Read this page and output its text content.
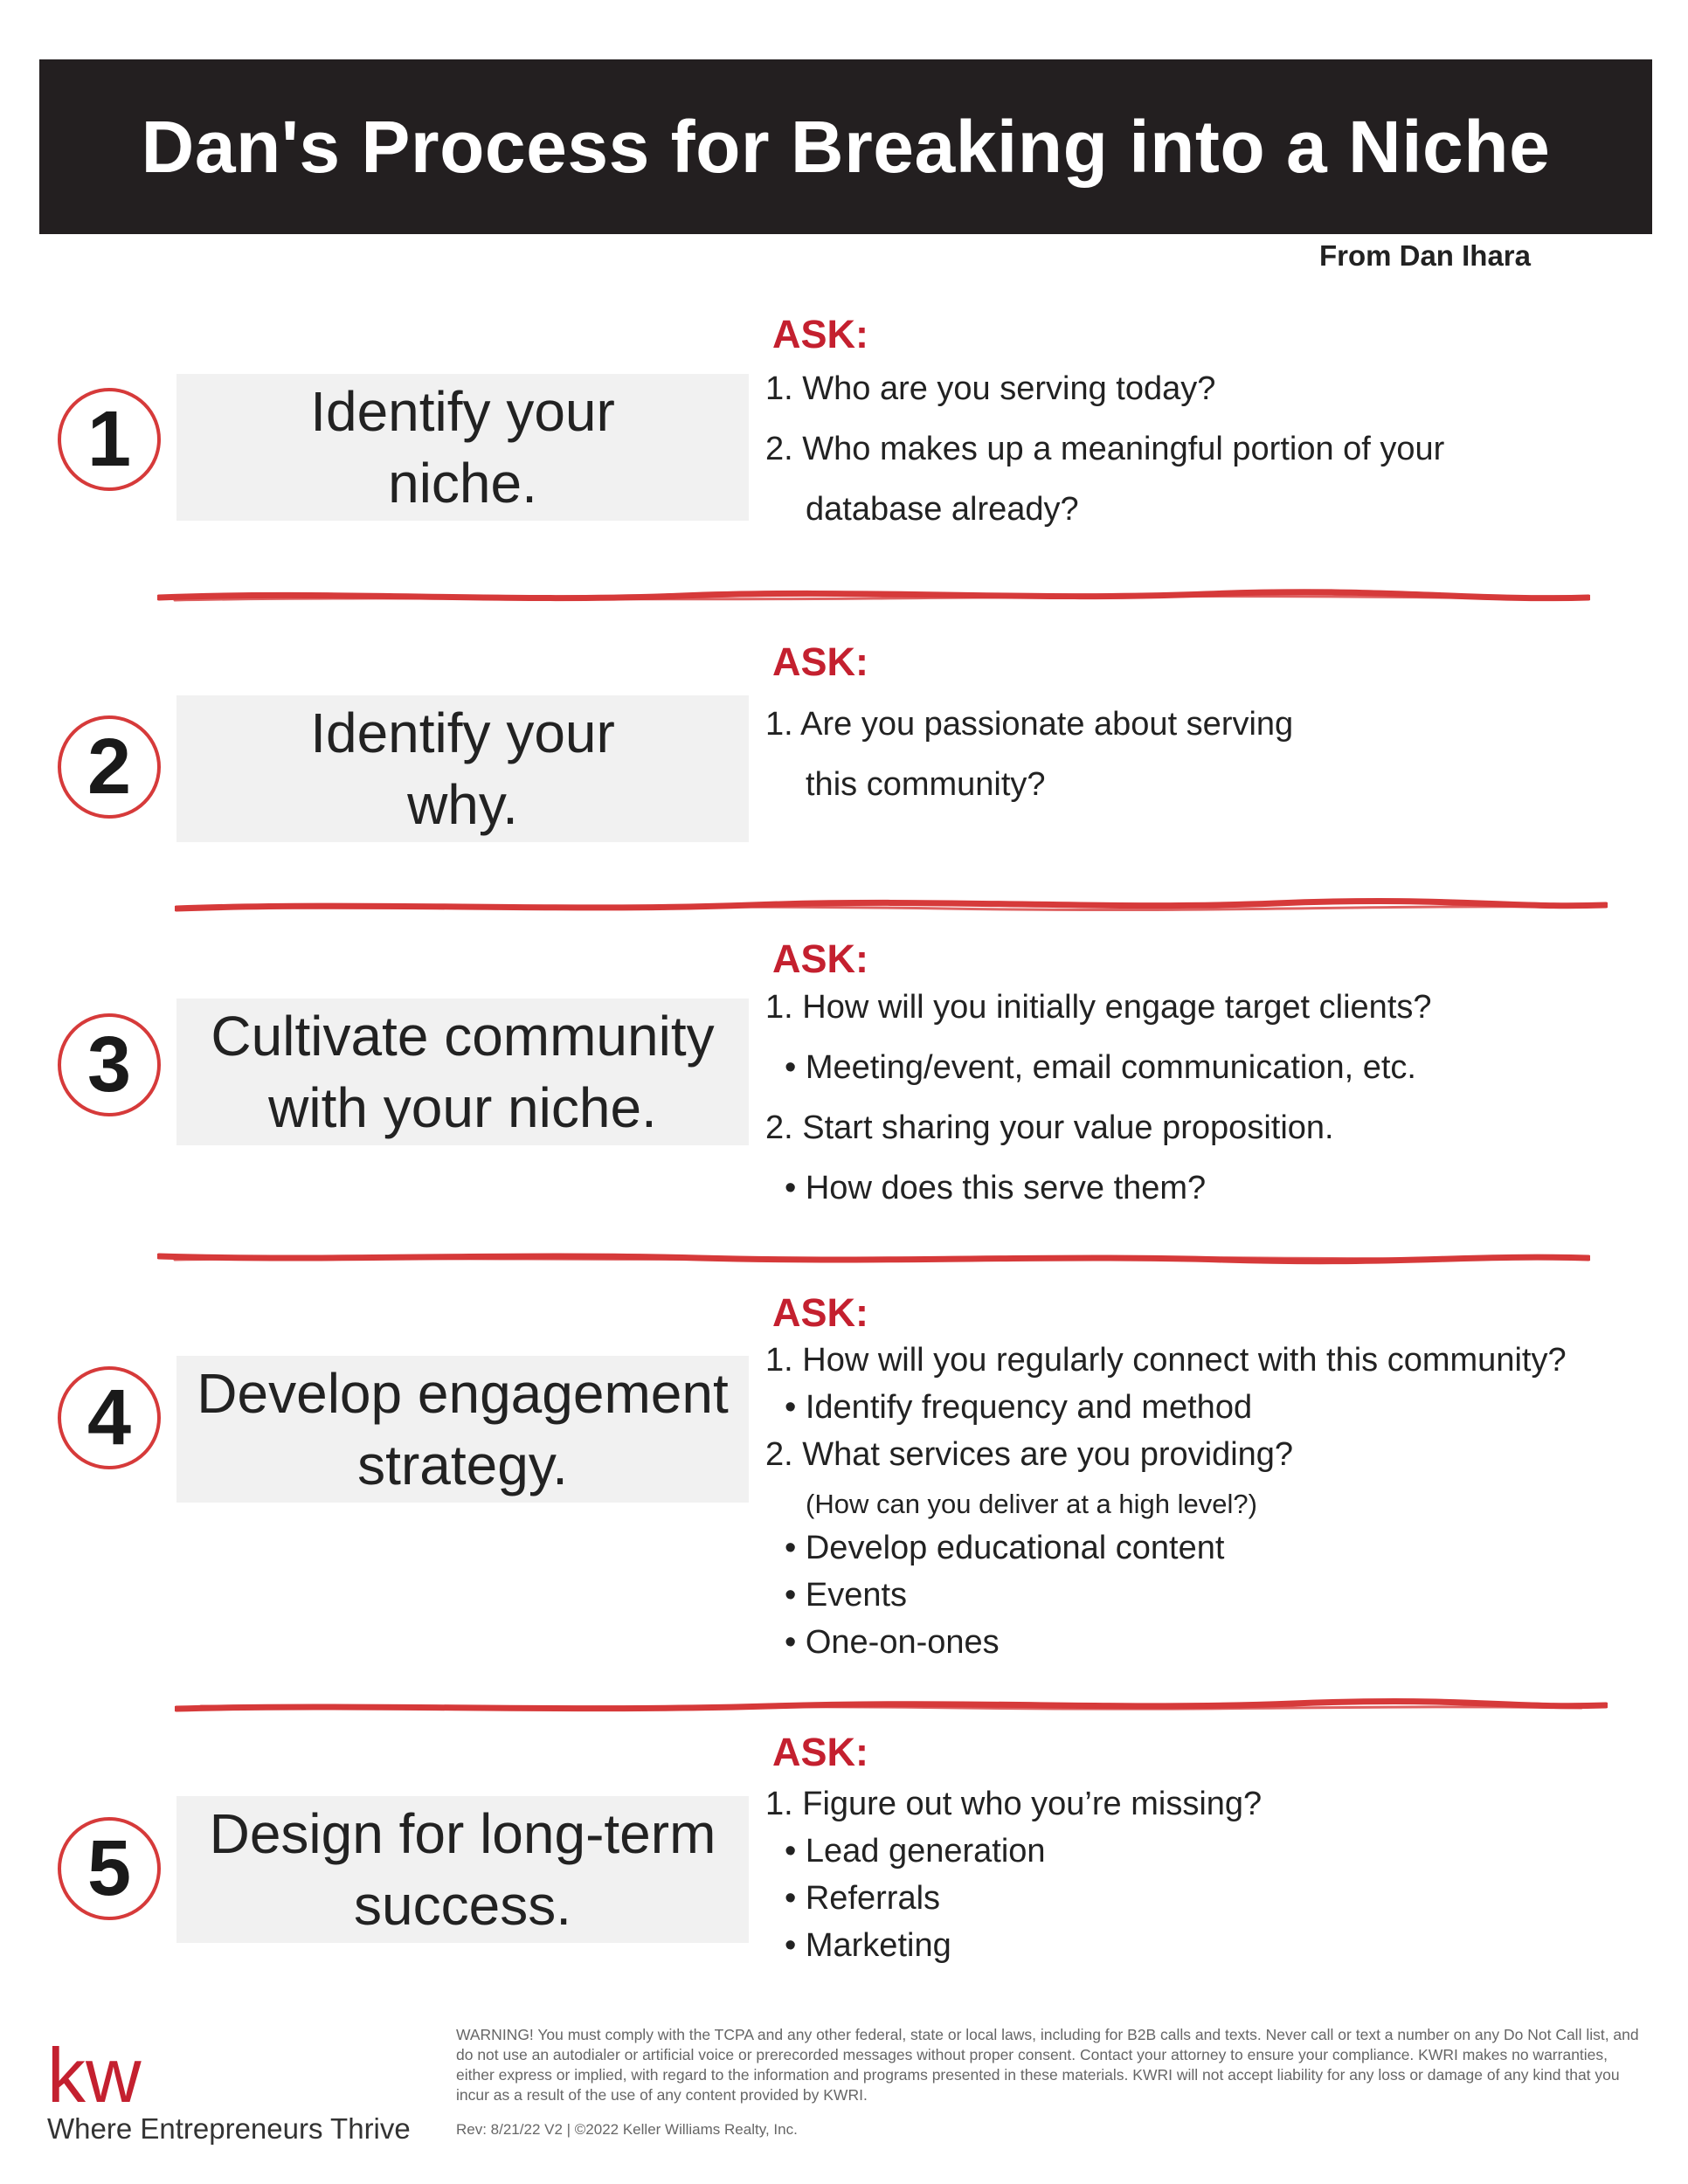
Dan's Process for Breaking into a Niche
From Dan Ihara
1	Identify your
niche.
ASK:
1. Who are you serving today?
2. Who makes up a meaningful portion of your
database already?
2	Identify your
why.
ASK:
1. Are you passionate about serving
this community?
3	Cultivate community
with your niche.
ASK:
1. How will you initially engage target clients?
• Meeting/event, email communication, etc.
2. Start sharing your value proposition.
• How does this serve them?
4	Develop engagement
strategy.
ASK:
1. How will you regularly connect with this community?
• Identify frequency and method
2. What services are you providing?
(How can you deliver at a high level?)
• Develop educational content
• Events
• One-on-ones
5	Design for long-term
success.
ASK:
1. Figure out who you’re missing?
• Lead generation
• Referrals
• Marketing
kw
Where Entrepreneurs Thrive
WARNING! You must comply with the TCPA and any other federal, state or local laws, including for B2B calls and texts. Never call or text a number on any Do Not Call list, and do not use an autodialer or artificial voice or prerecorded messages without proper consent. Contact your attorney to ensure your compliance. KWRI makes no warranties, either express or implied, with regard to the information and programs presented in these materials. KWRI will not accept liability for any loss or damage of any kind that you incur as a result of the use of any content provided by KWRI.
Rev: 8/21/22 V2 | ©2022 Keller Williams Realty, Inc.
